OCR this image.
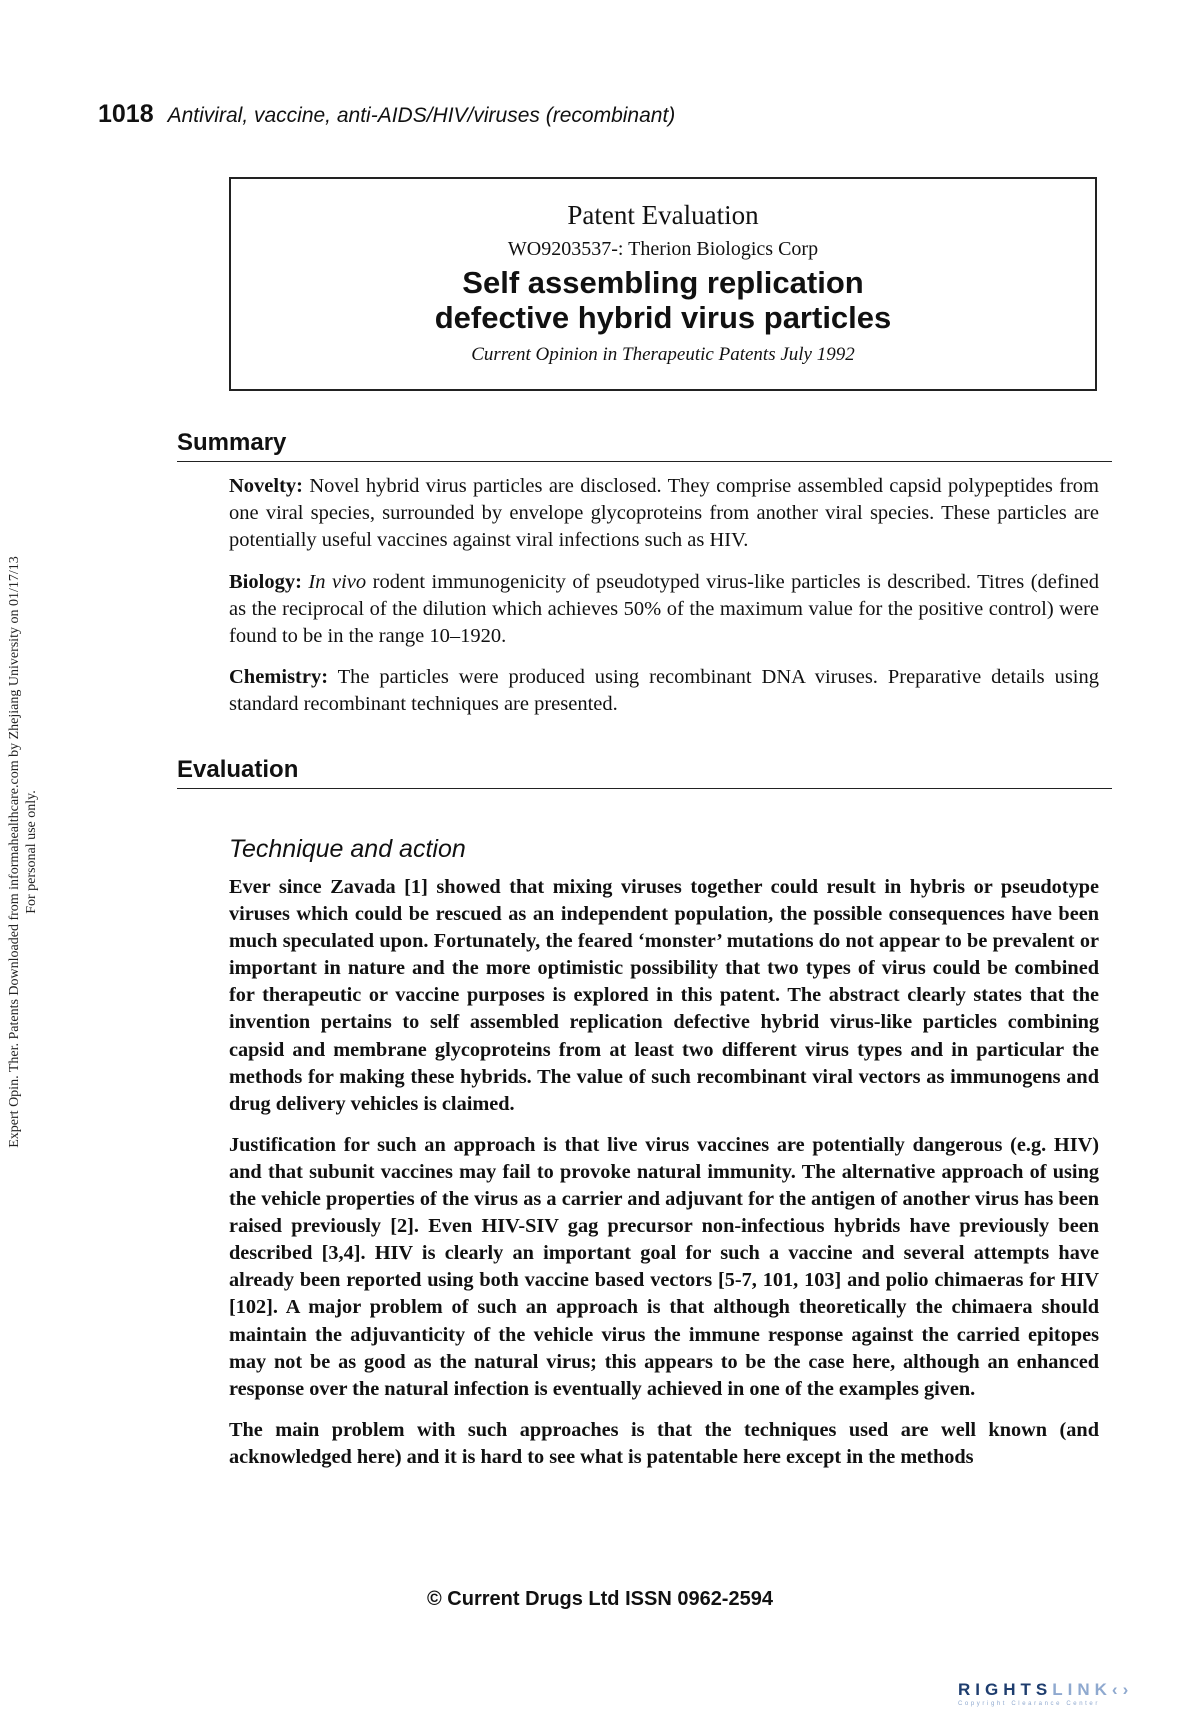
1018 Antiviral, vaccine, anti-AIDS/HIV/viruses (recombinant)
Patent Evaluation
WO9203537-: Therion Biologics Corp
Self assembling replication
defective hybrid virus particles
Current Opinion in Therapeutic Patents July 1992
Summary

Novelty: Novel hybrid virus particles are disclosed. They comprise assembled capsid polypeptides from one viral species, surrounded by envelope glycoproteins from another viral species. These particles are potentially useful vaccines against viral infections such as HIV.

Biology: In vivo rodent immunogenicity of pseudotyped virus-like particles is described. Titres (defined as the reciprocal of the dilution which achieves 50% of the maximum value for the positive control) were found to be in the range 10–1920.

Chemistry: The particles were produced using recombinant DNA viruses. Preparative details using standard recombinant techniques are presented.

Evaluation
Technique and action

Ever since Zavada [1] showed that mixing viruses together could result in hybris or pseudotype viruses which could be rescued as an independent population, the possible consequences have been much speculated upon. Fortunately, the feared ‘monster’ mutations do not appear to be prevalent or important in nature and the more optimistic possibility that two types of virus could be combined for therapeutic or vaccine purposes is explored in this patent. The abstract clearly states that the invention pertains to self assembled replication defective hybrid virus-like particles combining capsid and membrane glycoproteins from at least two different virus types and in particular the methods for making these hybrids. The value of such recombinant viral vectors as immunogens and drug delivery vehicles is claimed.

Justification for such an approach is that live virus vaccines are potentially dangerous (e.g. HIV) and that subunit vaccines may fail to provoke natural immunity. The alternative approach of using the vehicle properties of the virus as a carrier and adjuvant for the antigen of another virus has been raised previously [2]. Even HIV-SIV gag precursor non-infectious hybrids have previously been described [3,4]. HIV is clearly an important goal for such a vaccine and several attempts have already been reported using both vaccine based vectors [5-7, 101, 103] and polio chimaeras for HIV [102]. A major problem of such an approach is that although theoretically the chimaera should maintain the adjuvanticity of the vehicle virus the immune response against the carried epitopes may not be as good as the natural virus; this appears to be the case here, although an enhanced response over the natural infection is eventually achieved in one of the examples given.

The main problem with such approaches is that the techniques used are well known (and acknowledged here) and it is hard to see what is patentable here except in the methods

© Current Drugs Ltd ISSN 0962-2594
Expert Opin. Ther. Patents Downloaded from informahealthcare.com by Zhejiang University on 01/17/13 For personal use only.
RIGHTSLINK‹›
Copyright Clearance Center
